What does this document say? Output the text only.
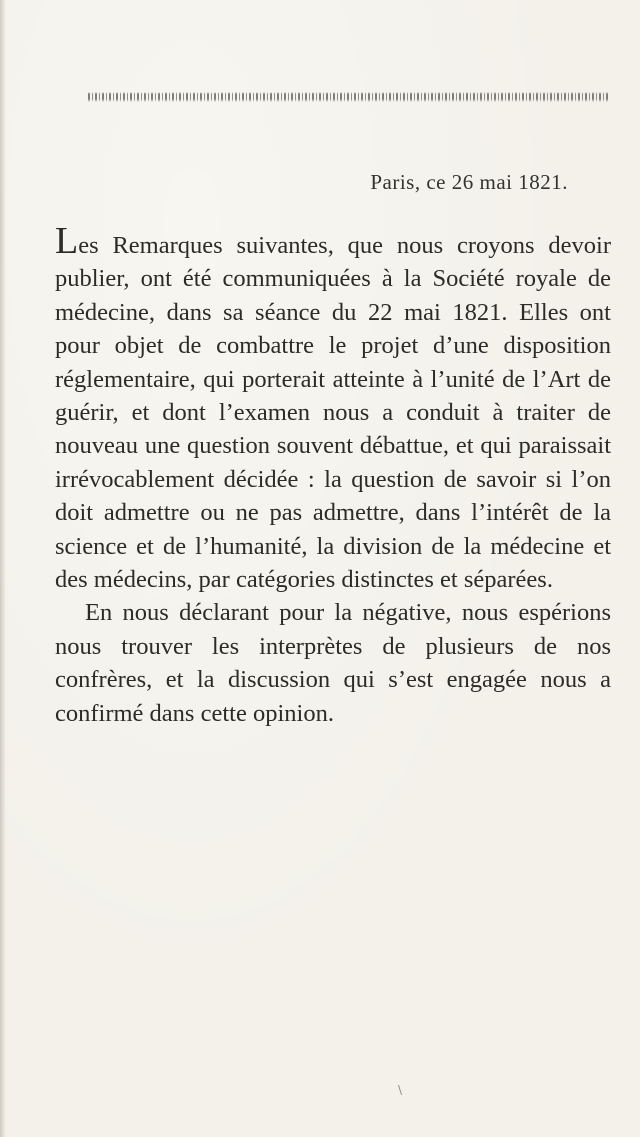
Paris, ce 26 mai 1821.

Les Remarques suivantes, que nous croyons devoir publier, ont été communiquées à la Société royale de médecine, dans sa séance du 22 mai 1821. Elles ont pour objet de combattre le projet d’une disposition réglementaire, qui porterait atteinte à l’unité de l’Art de guérir, et dont l’examen nous a conduit à traiter de nouveau une question souvent débattue, et qui paraissait irrévocablement décidée : la question de savoir si l’on doit admettre ou ne pas admettre, dans l’intérêt de la science et de l’humanité, la division de la médecine et des médecins, par catégories distinctes et séparées.

En nous déclarant pour la négative, nous espérions nous trouver les interprètes de plusieurs de nos confrères, et la discussion qui s’est engagée nous a confirmé dans cette opinion.

\
